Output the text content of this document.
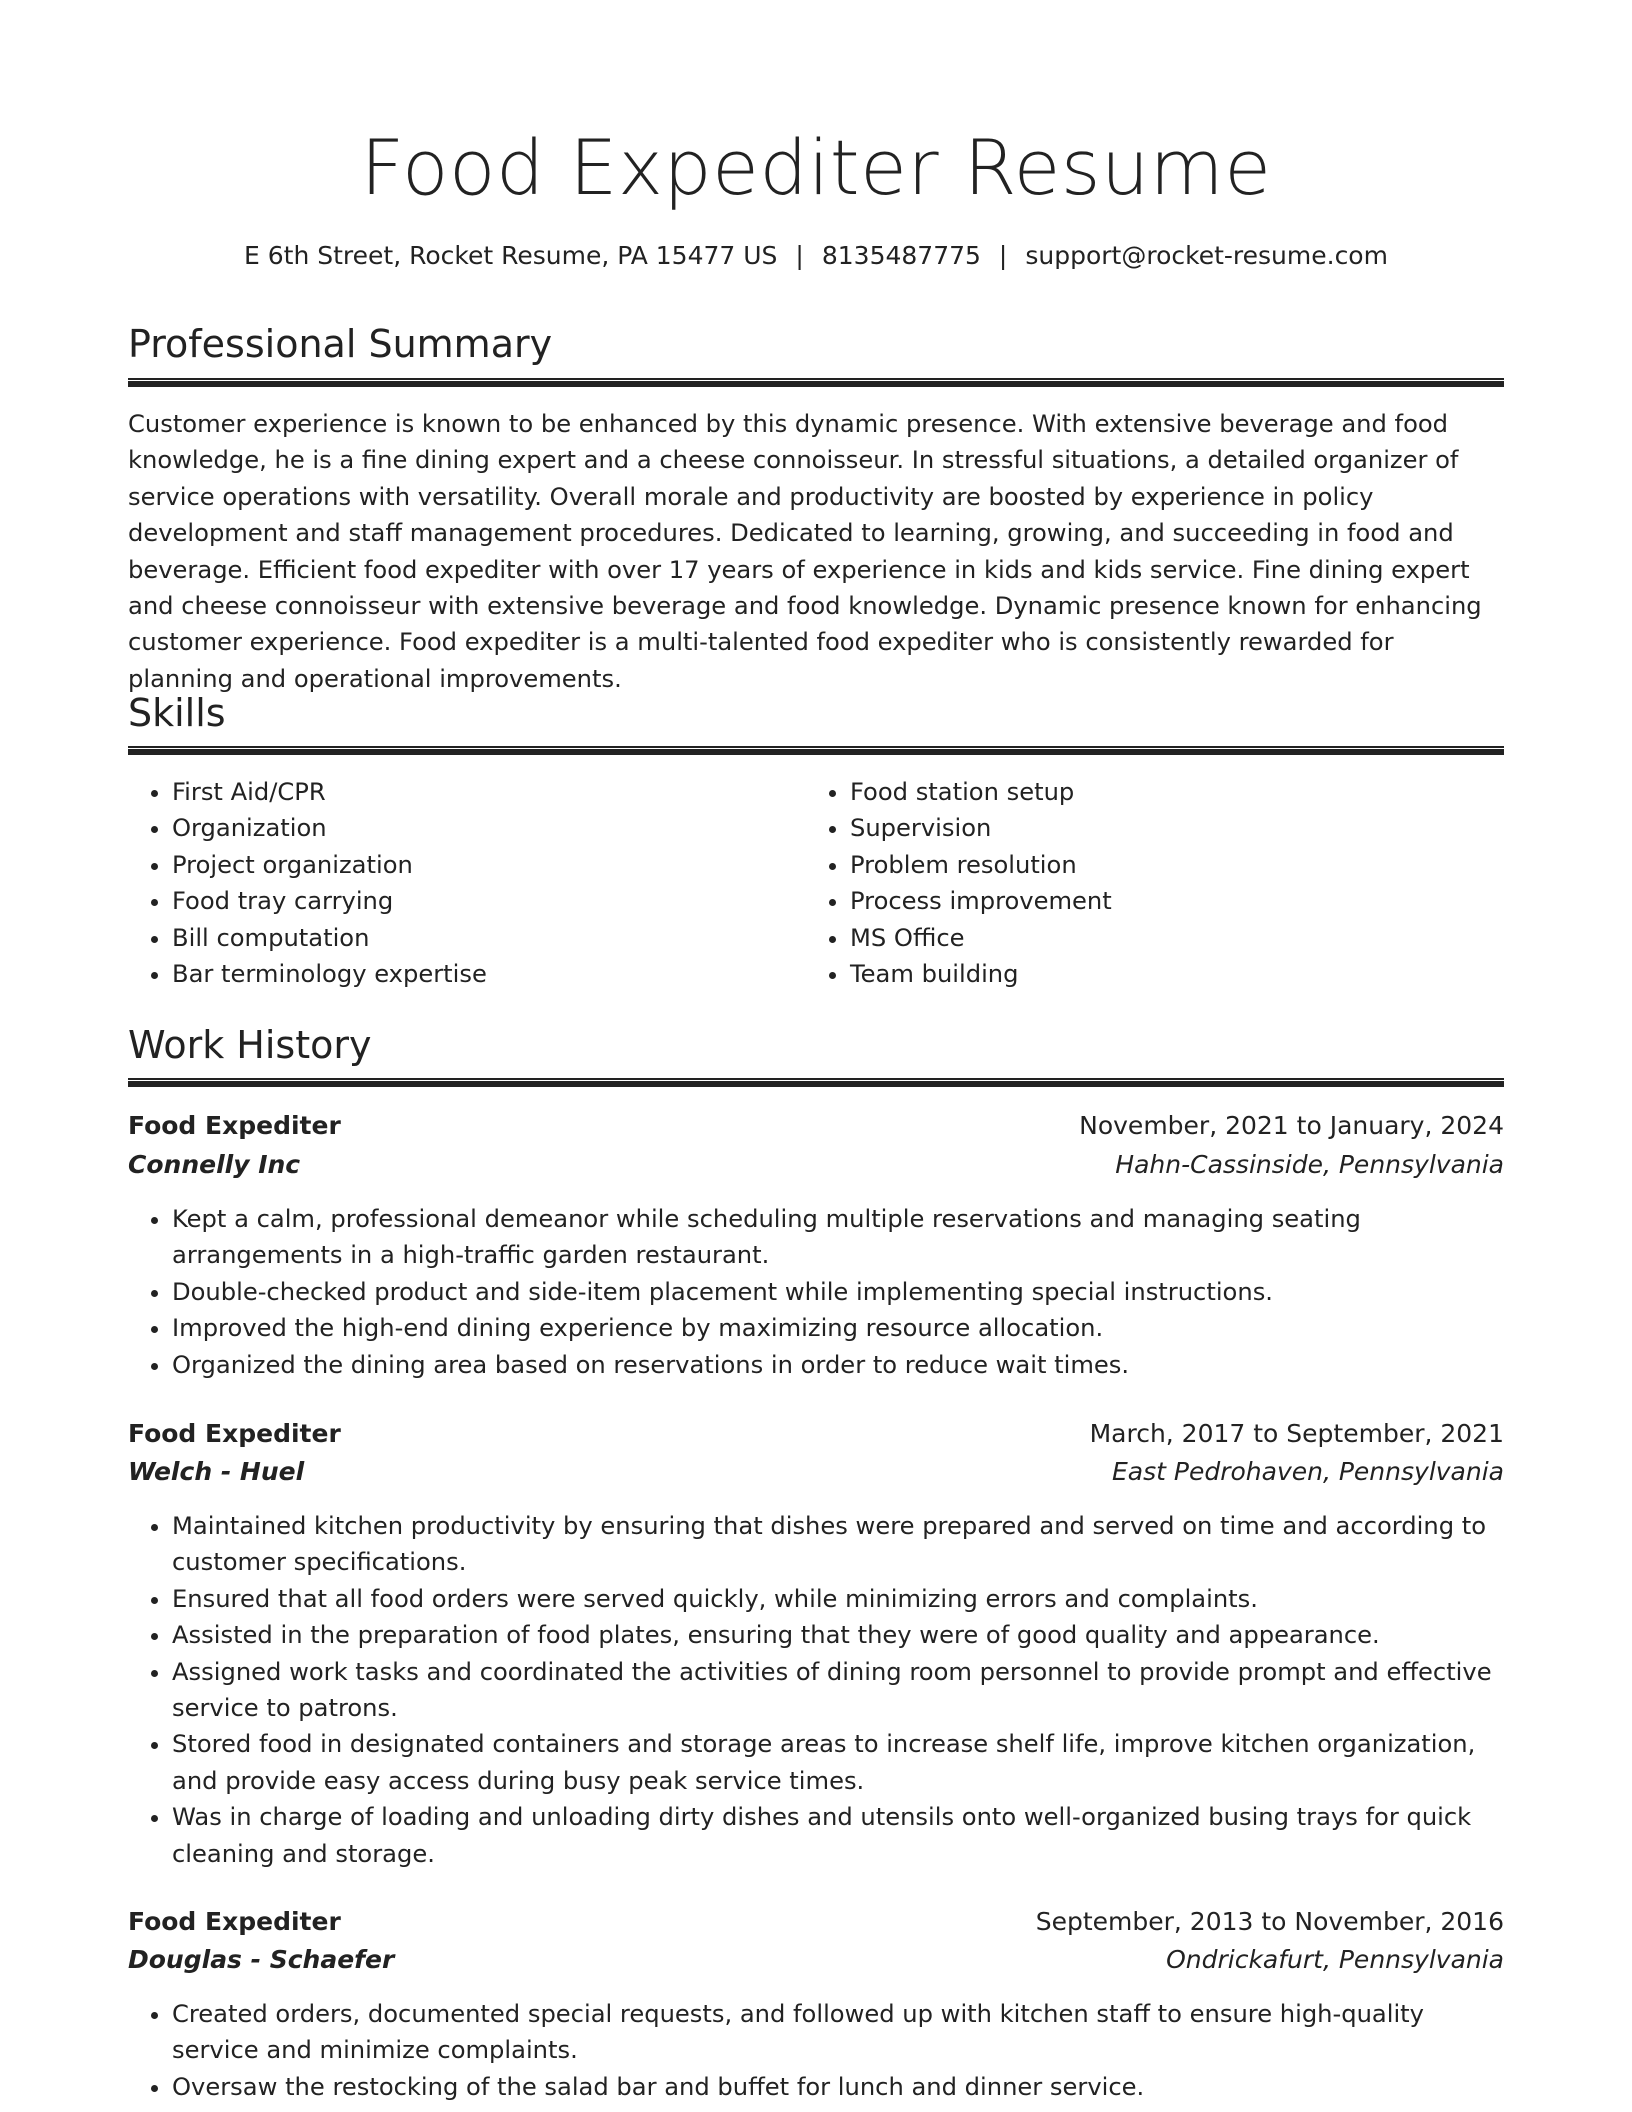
Food Expediter Resume
E 6th Street, Rocket Resume, PA 15477 US | 8135487775 | support@rocket-resume.com
Professional Summary

Customer experience is known to be enhanced by this dynamic presence. With extensive beverage and food knowledge, he is a fine dining expert and a cheese connoisseur. In stressful situations, a detailed organizer of service operations with versatility. Overall morale and productivity are boosted by experience in policy development and staff management procedures. Dedicated to learning, growing, and succeeding in food and beverage. Efficient food expediter with over 17 years of experience in kids and kids service. Fine dining expert and cheese connoisseur with extensive beverage and food knowledge. Dynamic presence known for enhancing customer experience. Food expediter is a multi-talented food expediter who is consistently rewarded for planning and operational improvements.

Skills
• First Aid/CPR
• Organization
• Project organization
• Food tray carrying
• Bill computation
• Bar terminology expertise
• Food station setup
• Supervision
• Problem resolution
• Process improvement
• MS Office
• Team building
Work History
Food Expediter	November, 2021 to January, 2024
Connelly Inc	Hahn-Cassinside, Pennsylvania
• Kept a calm, professional demeanor while scheduling multiple reservations and managing seating arrangements in a high-traffic garden restaurant.
• Double-checked product and side-item placement while implementing special instructions.
• Improved the high-end dining experience by maximizing resource allocation.
• Organized the dining area based on reservations in order to reduce wait times.
Food Expediter	March, 2017 to September, 2021
Welch - Huel	East Pedrohaven, Pennsylvania
• Maintained kitchen productivity by ensuring that dishes were prepared and served on time and according to customer specifications.
• Ensured that all food orders were served quickly, while minimizing errors and complaints.
• Assisted in the preparation of food plates, ensuring that they were of good quality and appearance.
• Assigned work tasks and coordinated the activities of dining room personnel to provide prompt and effective service to patrons.
• Stored food in designated containers and storage areas to increase shelf life, improve kitchen organization, and provide easy access during busy peak service times.
• Was in charge of loading and unloading dirty dishes and utensils onto well-organized busing trays for quick cleaning and storage.
Food Expediter	September, 2013 to November, 2016
Douglas - Schaefer	Ondrickafurt, Pennsylvania
• Created orders, documented special requests, and followed up with kitchen staff to ensure high-quality service and minimize complaints.
• Oversaw the restocking of the salad bar and buffet for lunch and dinner service.
